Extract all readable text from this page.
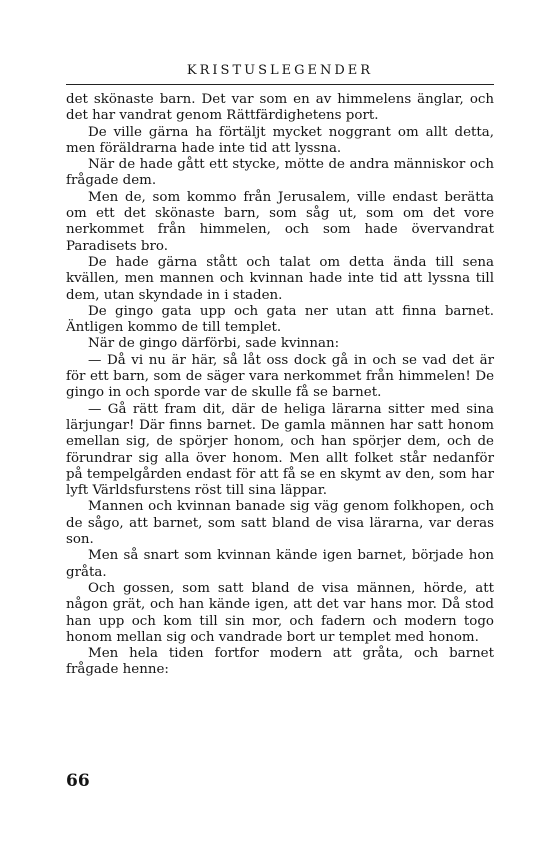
KRISTUSLEGENDER

det skönaste barn. Det var som en av himmelens änglar, och det har vandrat genom Rättfärdighetens port.

De ville gärna ha förtäljt mycket noggrant om allt detta, men föräldrarna hade inte tid att lyssna.

När de hade gått ett stycke, mötte de andra människor och frågade dem.

Men de, som kommo från Jerusalem, ville endast berätta om ett det skönaste barn, som såg ut, som om det vore nerkommet från himmelen, och som hade övervandrat Paradisets bro.

De hade gärna stått och talat om detta ända till sena kvällen, men mannen och kvinnan hade inte tid att lyssna till dem, utan skyndade in i staden.

De gingo gata upp och gata ner utan att finna barnet. Äntligen kommo de till templet.

När de gingo därförbi, sade kvinnan:

— Då vi nu är här, så låt oss dock gå in och se vad det är för ett barn, som de säger vara nerkommet från himmelen! De gingo in och sporde var de skulle få se barnet.

— Gå rätt fram dit, där de heliga lärarna sitter med sina lärjungar! Där finns barnet. De gamla männen har satt honom emellan sig, de spörjer honom, och han spörjer dem, och de förundrar sig alla över honom. Men allt folket står nedanför på tempelgården endast för att få se en skymt av den, som har lyft Världsfurstens röst till sina läppar.

Mannen och kvinnan banade sig väg genom folkhopen, och de sågo, att barnet, som satt bland de visa lärarna, var deras son.

Men så snart som kvinnan kände igen barnet, började hon gråta.

Och gossen, som satt bland de visa männen, hörde, att någon grät, och han kände igen, att det var hans mor. Då stod han upp och kom till sin mor, och fadern och modern togo honom mellan sig och vandrade bort ur templet med honom.

Men hela tiden fortfor modern att gråta, och barnet frågade henne:

66
